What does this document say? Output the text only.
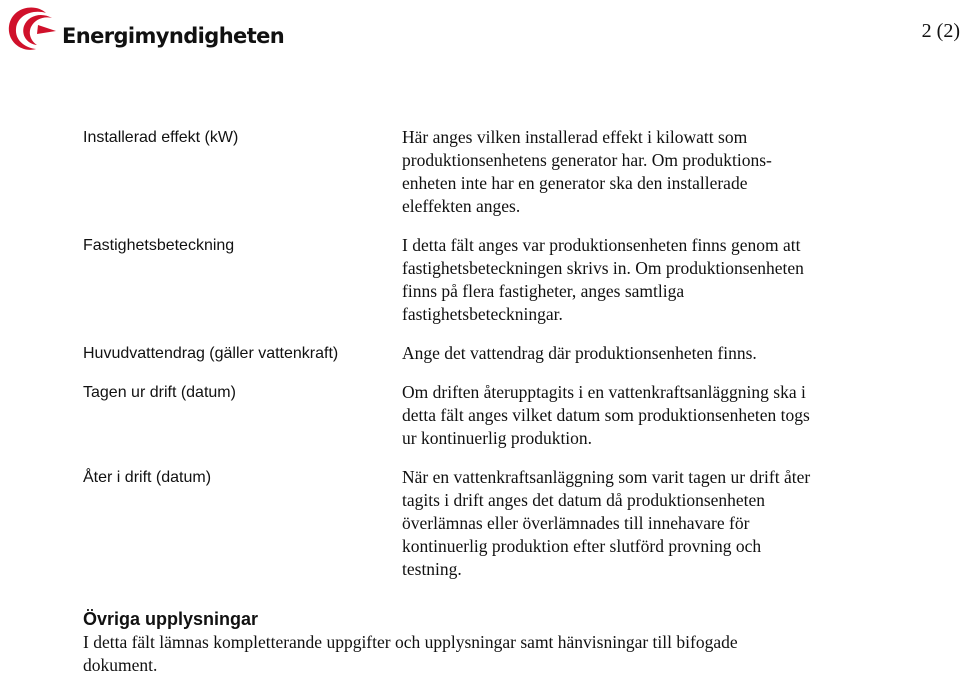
Energimyndigheten	2 (2)
Installerad effekt (kW)	Här anges vilken installerad effekt i kilowatt som
produktionsenhetens generator har. Om produktions-
enheten inte har en generator ska den installerade
eleffekten anges.
Fastighetsbeteckning	I detta fält anges var produktionsenheten finns genom att
fastighetsbeteckningen skrivs in. Om produktionsenheten
finns på flera fastigheter, anges samtliga
fastighetsbeteckningar.
Huvudvattendrag (gäller vattenkraft)	Ange det vattendrag där produktionsenheten finns.
Tagen ur drift (datum)	Om driften återupptagits i en vattenkraftsanläggning ska i
detta fält anges vilket datum som produktionsenheten togs
ur kontinuerlig produktion.
Åter i drift (datum)	När en vattenkraftsanläggning som varit tagen ur drift åter
tagits i drift anges det datum då produktionsenheten
överlämnas eller överlämnades till innehavare för
kontinuerlig produktion efter slutförd provning och
testning.
Övriga upplysningar
I detta fält lämnas kompletterande uppgifter och upplysningar samt hänvisningar till bifogade
dokument.
